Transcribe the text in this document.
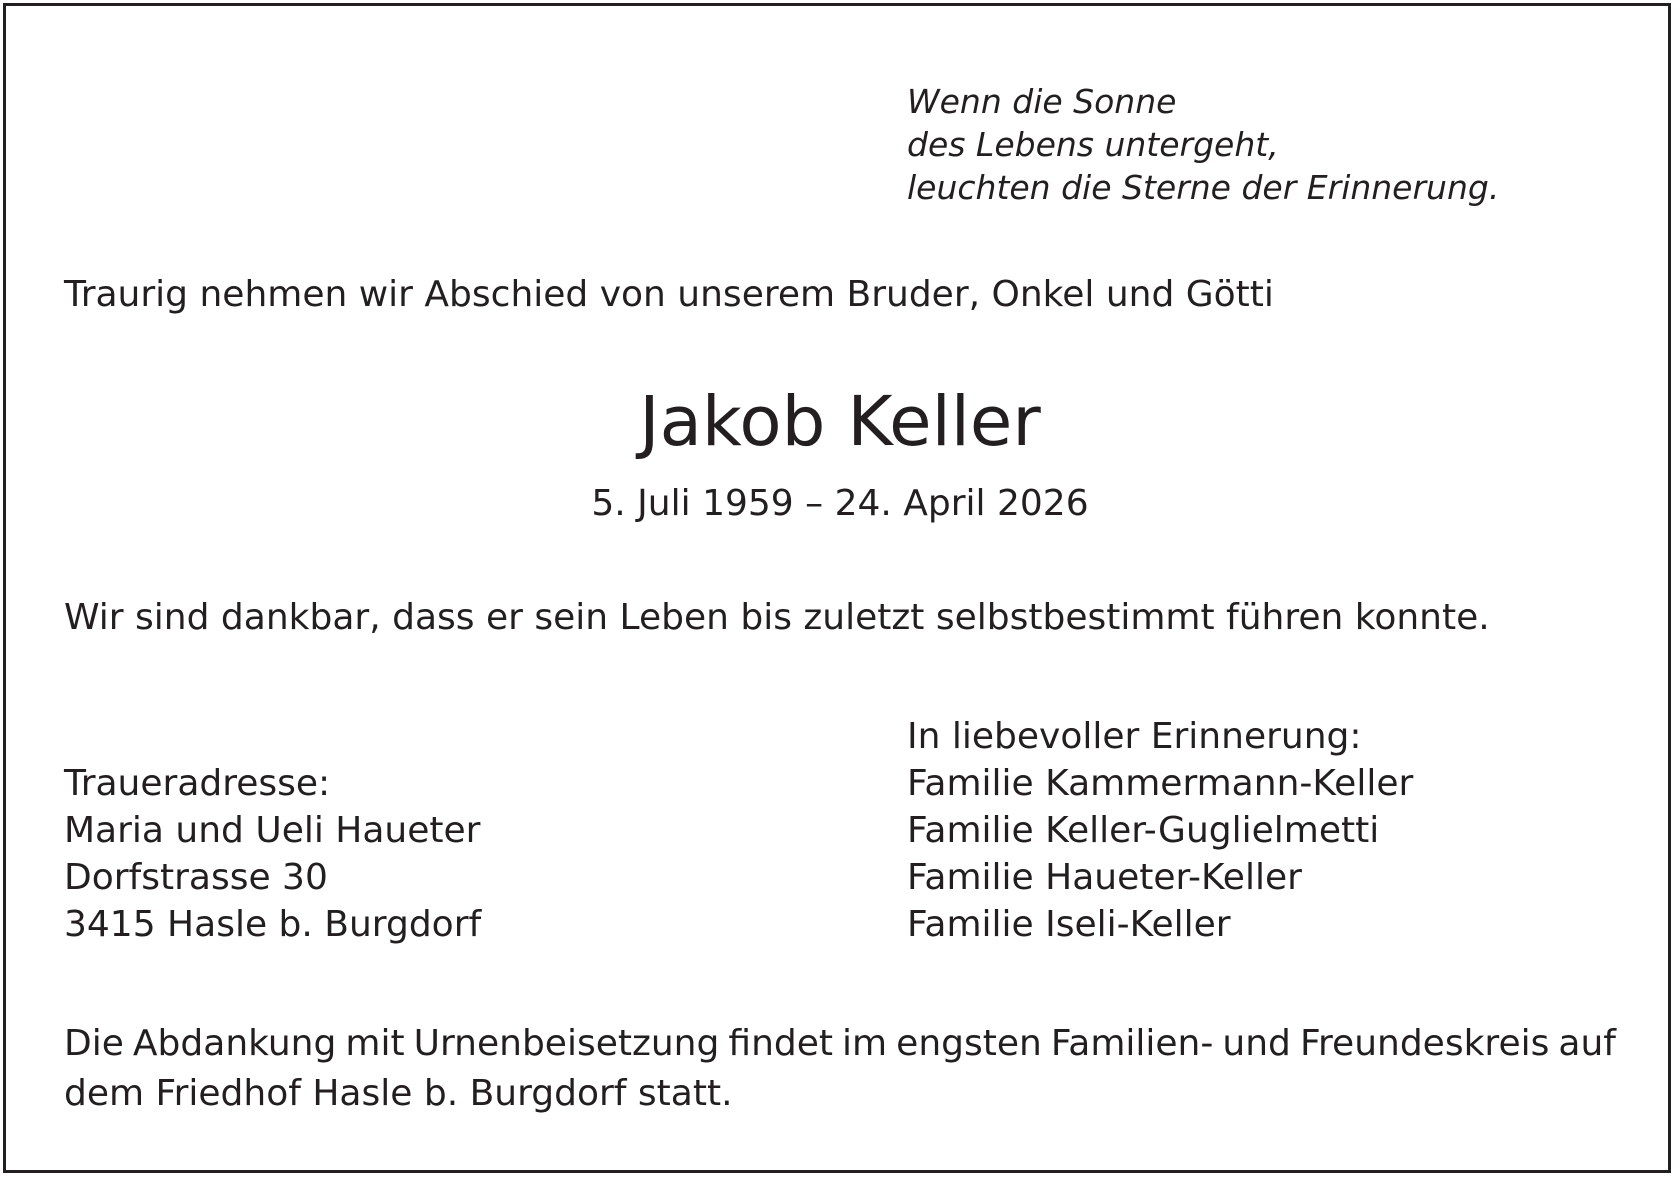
Wenn die Sonne
des Lebens untergeht,
leuchten die Sterne der Erinnerung.
Traurig nehmen wir Abschied von unserem Bruder, Onkel und Götti
Jakob Keller
5. Juli 1959 – 24. April 2026
Wir sind dankbar, dass er sein Leben bis zuletzt selbstbestimmt führen konnte.
In liebevoller Erinnerung:
Familie Kammermann-Keller
Familie Keller-Guglielmetti
Familie Haueter-Keller
Familie Iseli-Keller
Traueradresse:
Maria und Ueli Haueter
Dorfstrasse 30
3415 Hasle b. Burgdorf
Die Abdankung mit Urnenbeisetzung findet im engsten Familien- und Freundeskreis auf
dem Friedhof Hasle b. Burgdorf statt.
